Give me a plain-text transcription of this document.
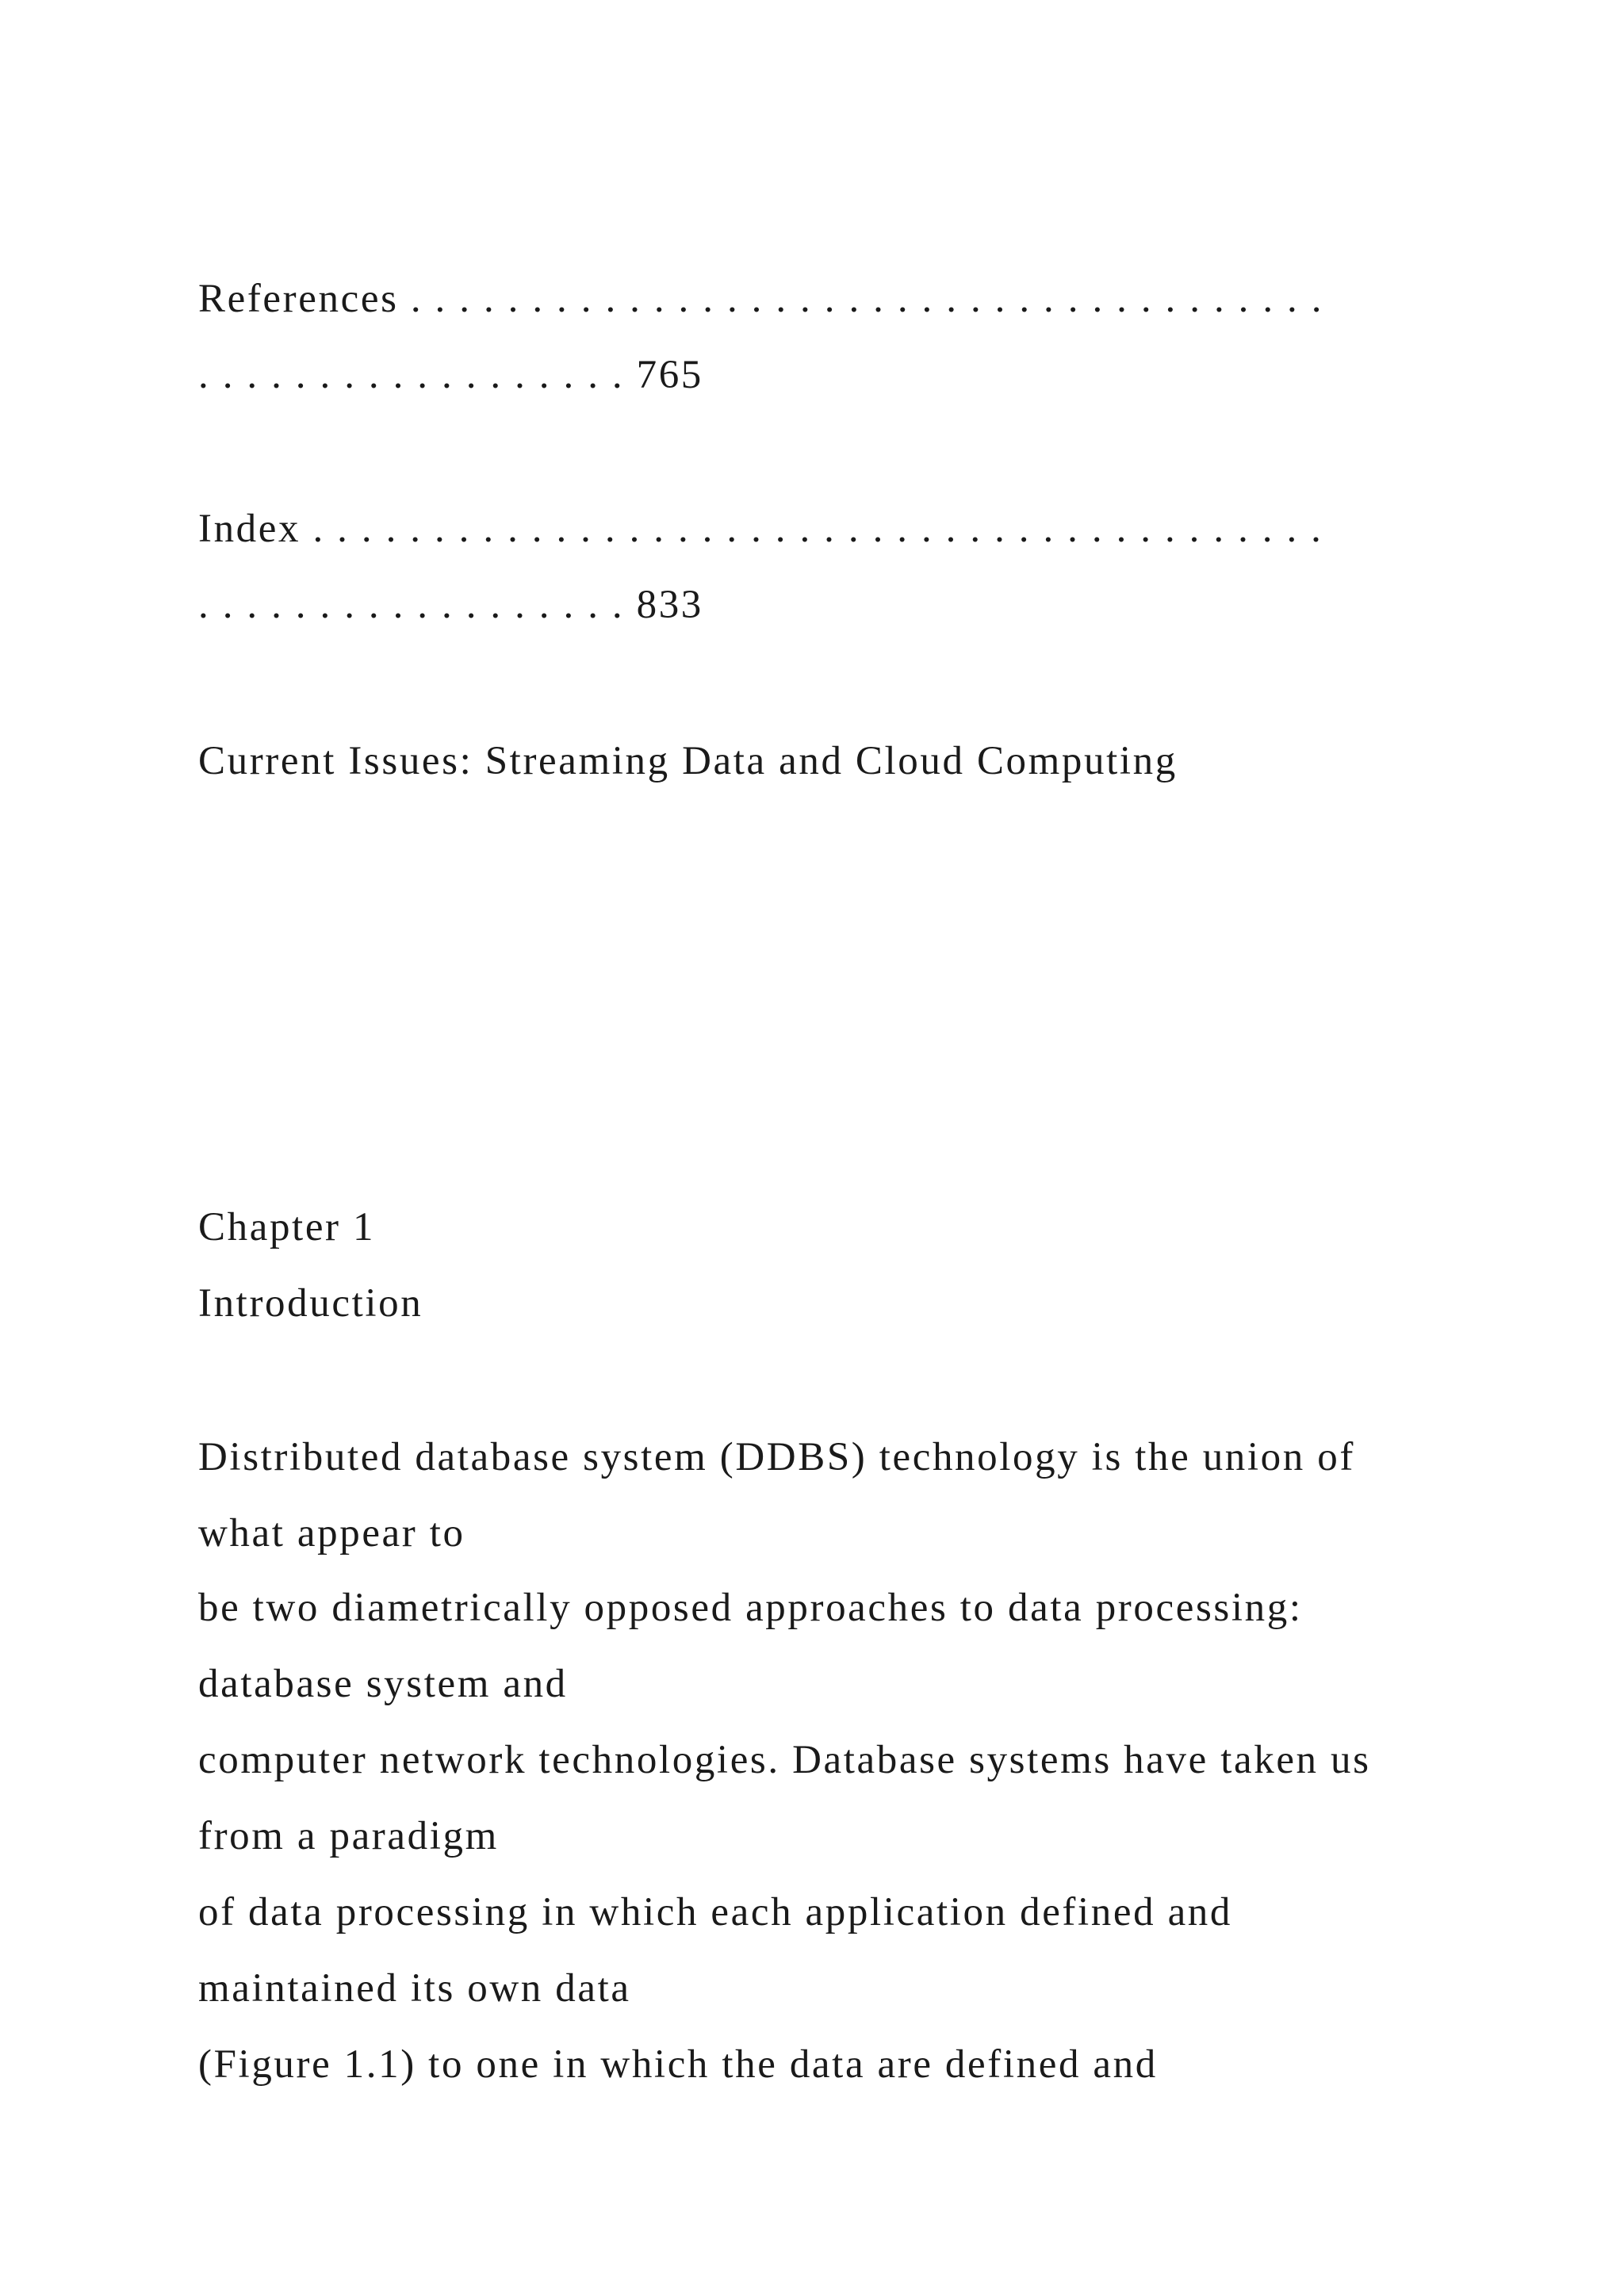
References . . . . . . . . . . . . . . . . . . . . . . . . . . . . . . . . . . . . . .

. . . . . . . . . . . . . . . . . . 765

Index . . . . . . . . . . . . . . . . . . . . . . . . . . . . . . . . . . . . . . . . . .

. . . . . . . . . . . . . . . . . . 833

Current Issues: Streaming Data and Cloud Computing

Chapter 1

Introduction

Distributed database system (DDBS) technology is the union of

what appear to

be two diametrically opposed approaches to data processing:

database system and

computer network technologies. Database systems have taken us

from a paradigm

of data processing in which each application defined and

maintained its own data

(Figure 1.1) to one in which the data are defined and
